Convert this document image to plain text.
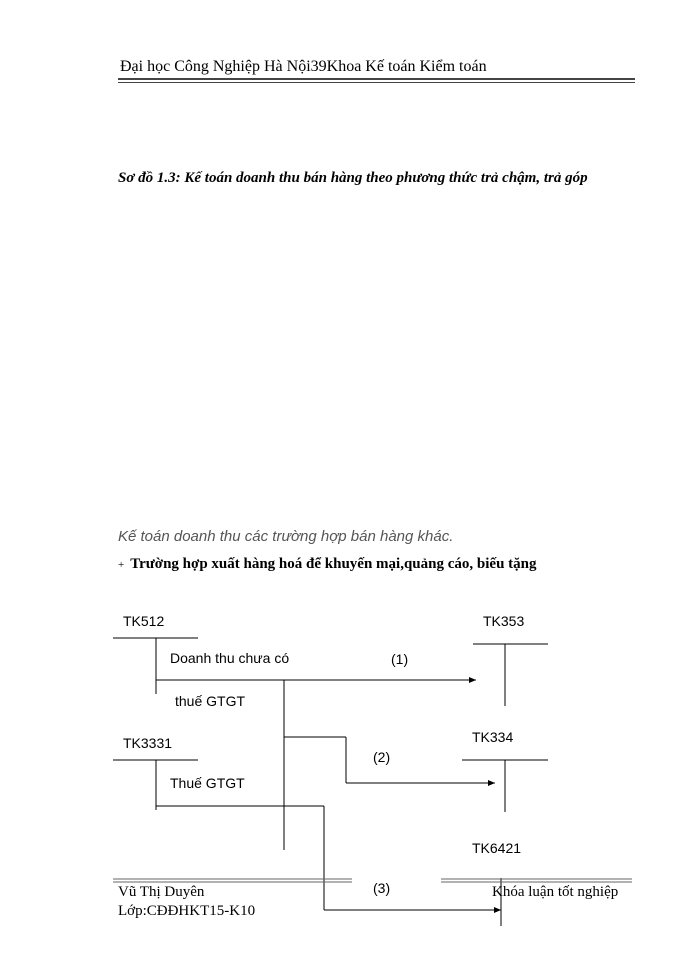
Đại học Công Nghiệp Hà Nội39Khoa Kế toán Kiểm toán
Sơ đồ 1.3: Kế toán doanh thu bán hàng theo phương thức trả chậm, trả góp
Kế toán doanh thu các trường hợp bán hàng khác.
+ Trường hợp xuất hàng hoá để khuyến mại,quảng cáo, biếu tặng
TK512	TK353
Doanh thu chưa có	(1)
thuế GTGT
TK3331	TK334
(2)
Thuế GTGT
TK6421
(3)
Vũ Thị Duyên
Lớp:CĐĐHKT15-K10
Khóa luận tốt nghiệp
